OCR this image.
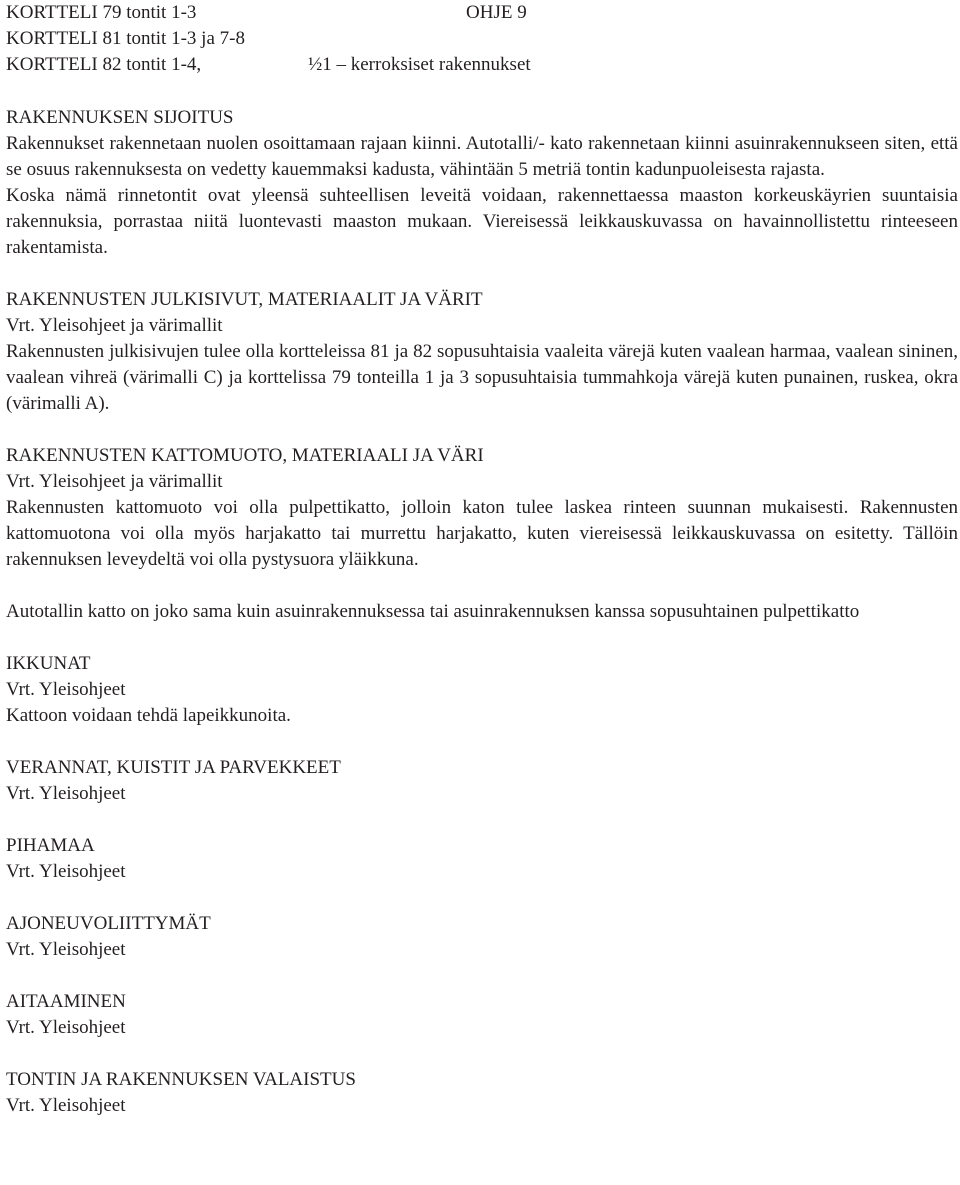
KORTTELI 79 tontit 1-3	OHJE 9
KORTTELI 81 tontit 1-3 ja 7-8
KORTTELI 82 tontit 1-4,	½1 – kerroksiset rakennukset
RAKENNUKSEN SIJOITUS

Rakennukset rakennetaan nuolen osoittamaan rajaan kiinni. Autotalli/- kato rakennetaan kiinni asuinrakennukseen siten, että se osuus rakennuksesta on vedetty kauemmaksi kadusta, vähintään 5 metriä tontin kadunpuoleisesta rajasta.

Koska nämä rinnetontit ovat yleensä suhteellisen leveitä voidaan, rakennettaessa maaston korkeuskäyrien suuntaisia rakennuksia, porrastaa niitä luontevasti maaston mukaan. Viereisessä leikkauskuvassa on havainnollistettu rinteeseen rakentamista.

RAKENNUSTEN JULKISIVUT, MATERIAALIT JA VÄRIT
Vrt. Yleisohjeet ja värimallit

Rakennusten julkisivujen tulee olla kortteleissa 81 ja 82 sopusuhtaisia vaaleita värejä kuten vaalean harmaa, vaalean sininen, vaalean vihreä (värimalli C) ja korttelissa 79 tonteilla 1 ja 3 sopusuhtaisia tummahkoja värejä kuten punainen, ruskea, okra (värimalli A).

RAKENNUSTEN KATTOMUOTO, MATERIAALI JA VÄRI
Vrt. Yleisohjeet ja värimallit

Rakennusten kattomuoto voi olla pulpettikatto, jolloin katon tulee laskea rinteen suunnan mukaisesti. Rakennusten kattomuotona voi olla myös harjakatto tai murrettu harjakatto, kuten viereisessä leikkauskuvassa on esitetty. Tällöin rakennuksen leveydeltä voi olla pystysuora yläikkuna.

Autotallin katto on joko sama kuin asuinrakennuksessa tai asuinrakennuksen kanssa sopusuhtainen pulpettikatto

IKKUNAT
Vrt. Yleisohjeet
Kattoon voidaan tehdä lapeikkunoita.
VERANNAT, KUISTIT JA PARVEKKEET
Vrt. Yleisohjeet
PIHAMAA
Vrt. Yleisohjeet
AJONEUVOLIITTYMÄT
Vrt. Yleisohjeet
AITAAMINEN
Vrt. Yleisohjeet
TONTIN JA RAKENNUKSEN VALAISTUS
Vrt. Yleisohjeet
